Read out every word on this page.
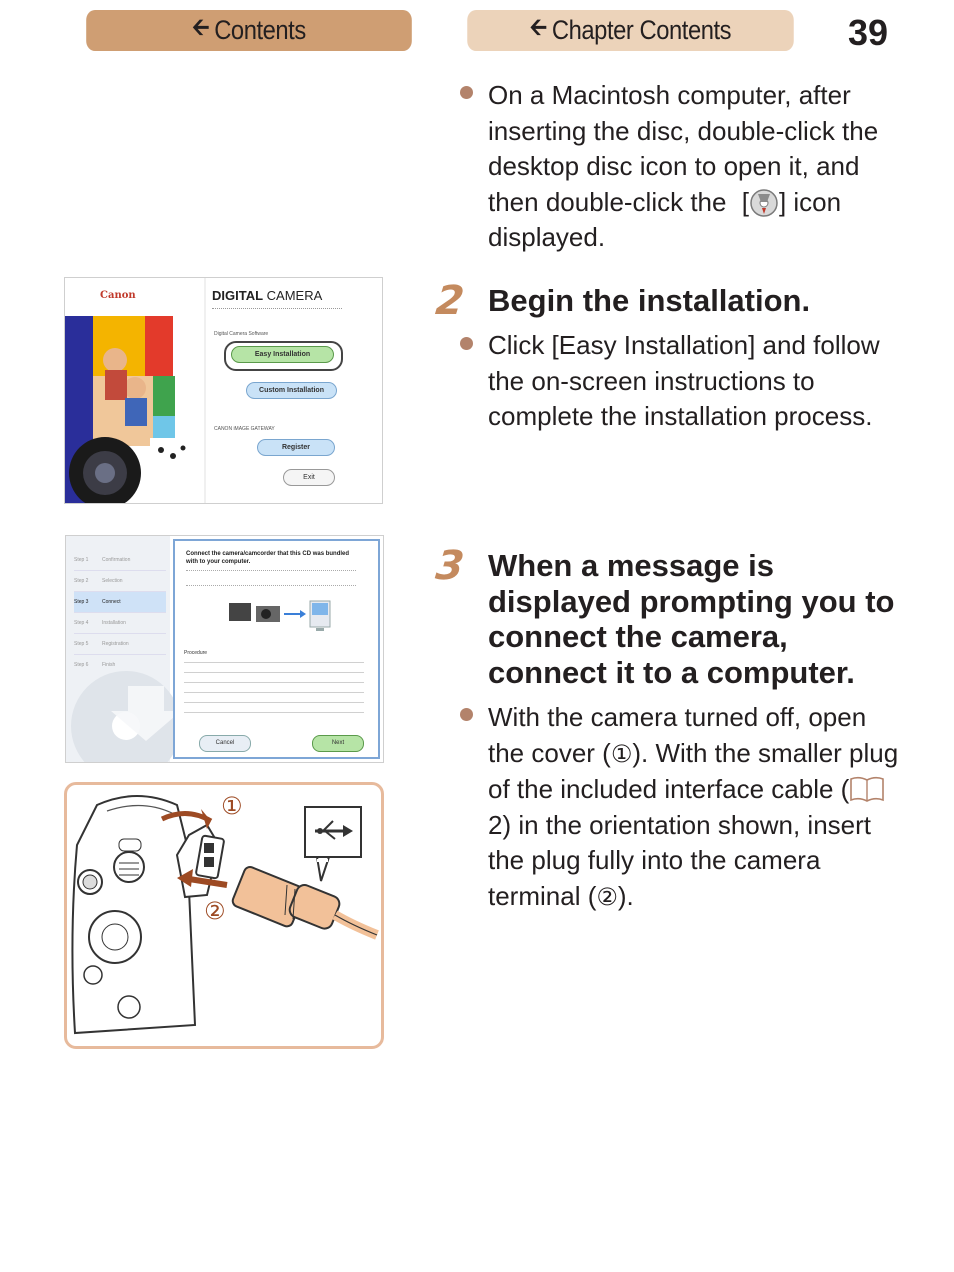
🡨 Contents	🡨 Chapter Contents	39
On a Macintosh computer, after inserting the disc, double-click the desktop disc icon to open it, and then double-click the [ ] icon displayed.
2 Begin the installation.
Click [Easy Installation] and follow the on-screen instructions to complete the installation process.
3 When a message is displayed prompting you to connect the camera, connect it to a computer.
With the camera turned off, open the cover (①). With the smaller plug of the included interface cable (2) in the orientation shown, insert the plug fully into the camera terminal (②).
Canon	DIGITAL CAMERA
Digital Camera Software
Easy Installation
Custom Installation
CANON iMAGE GATEWAY
Register
Exit
Step 1	Confirmation
Step 2	Selection
Step 3	Connect
Step 4	Installation
Step 5	Registration
Step 6	Finish
Connect the camera/camcorder that this CD was bundled with to your computer.
Procedure
Cancel	Next
①
②
